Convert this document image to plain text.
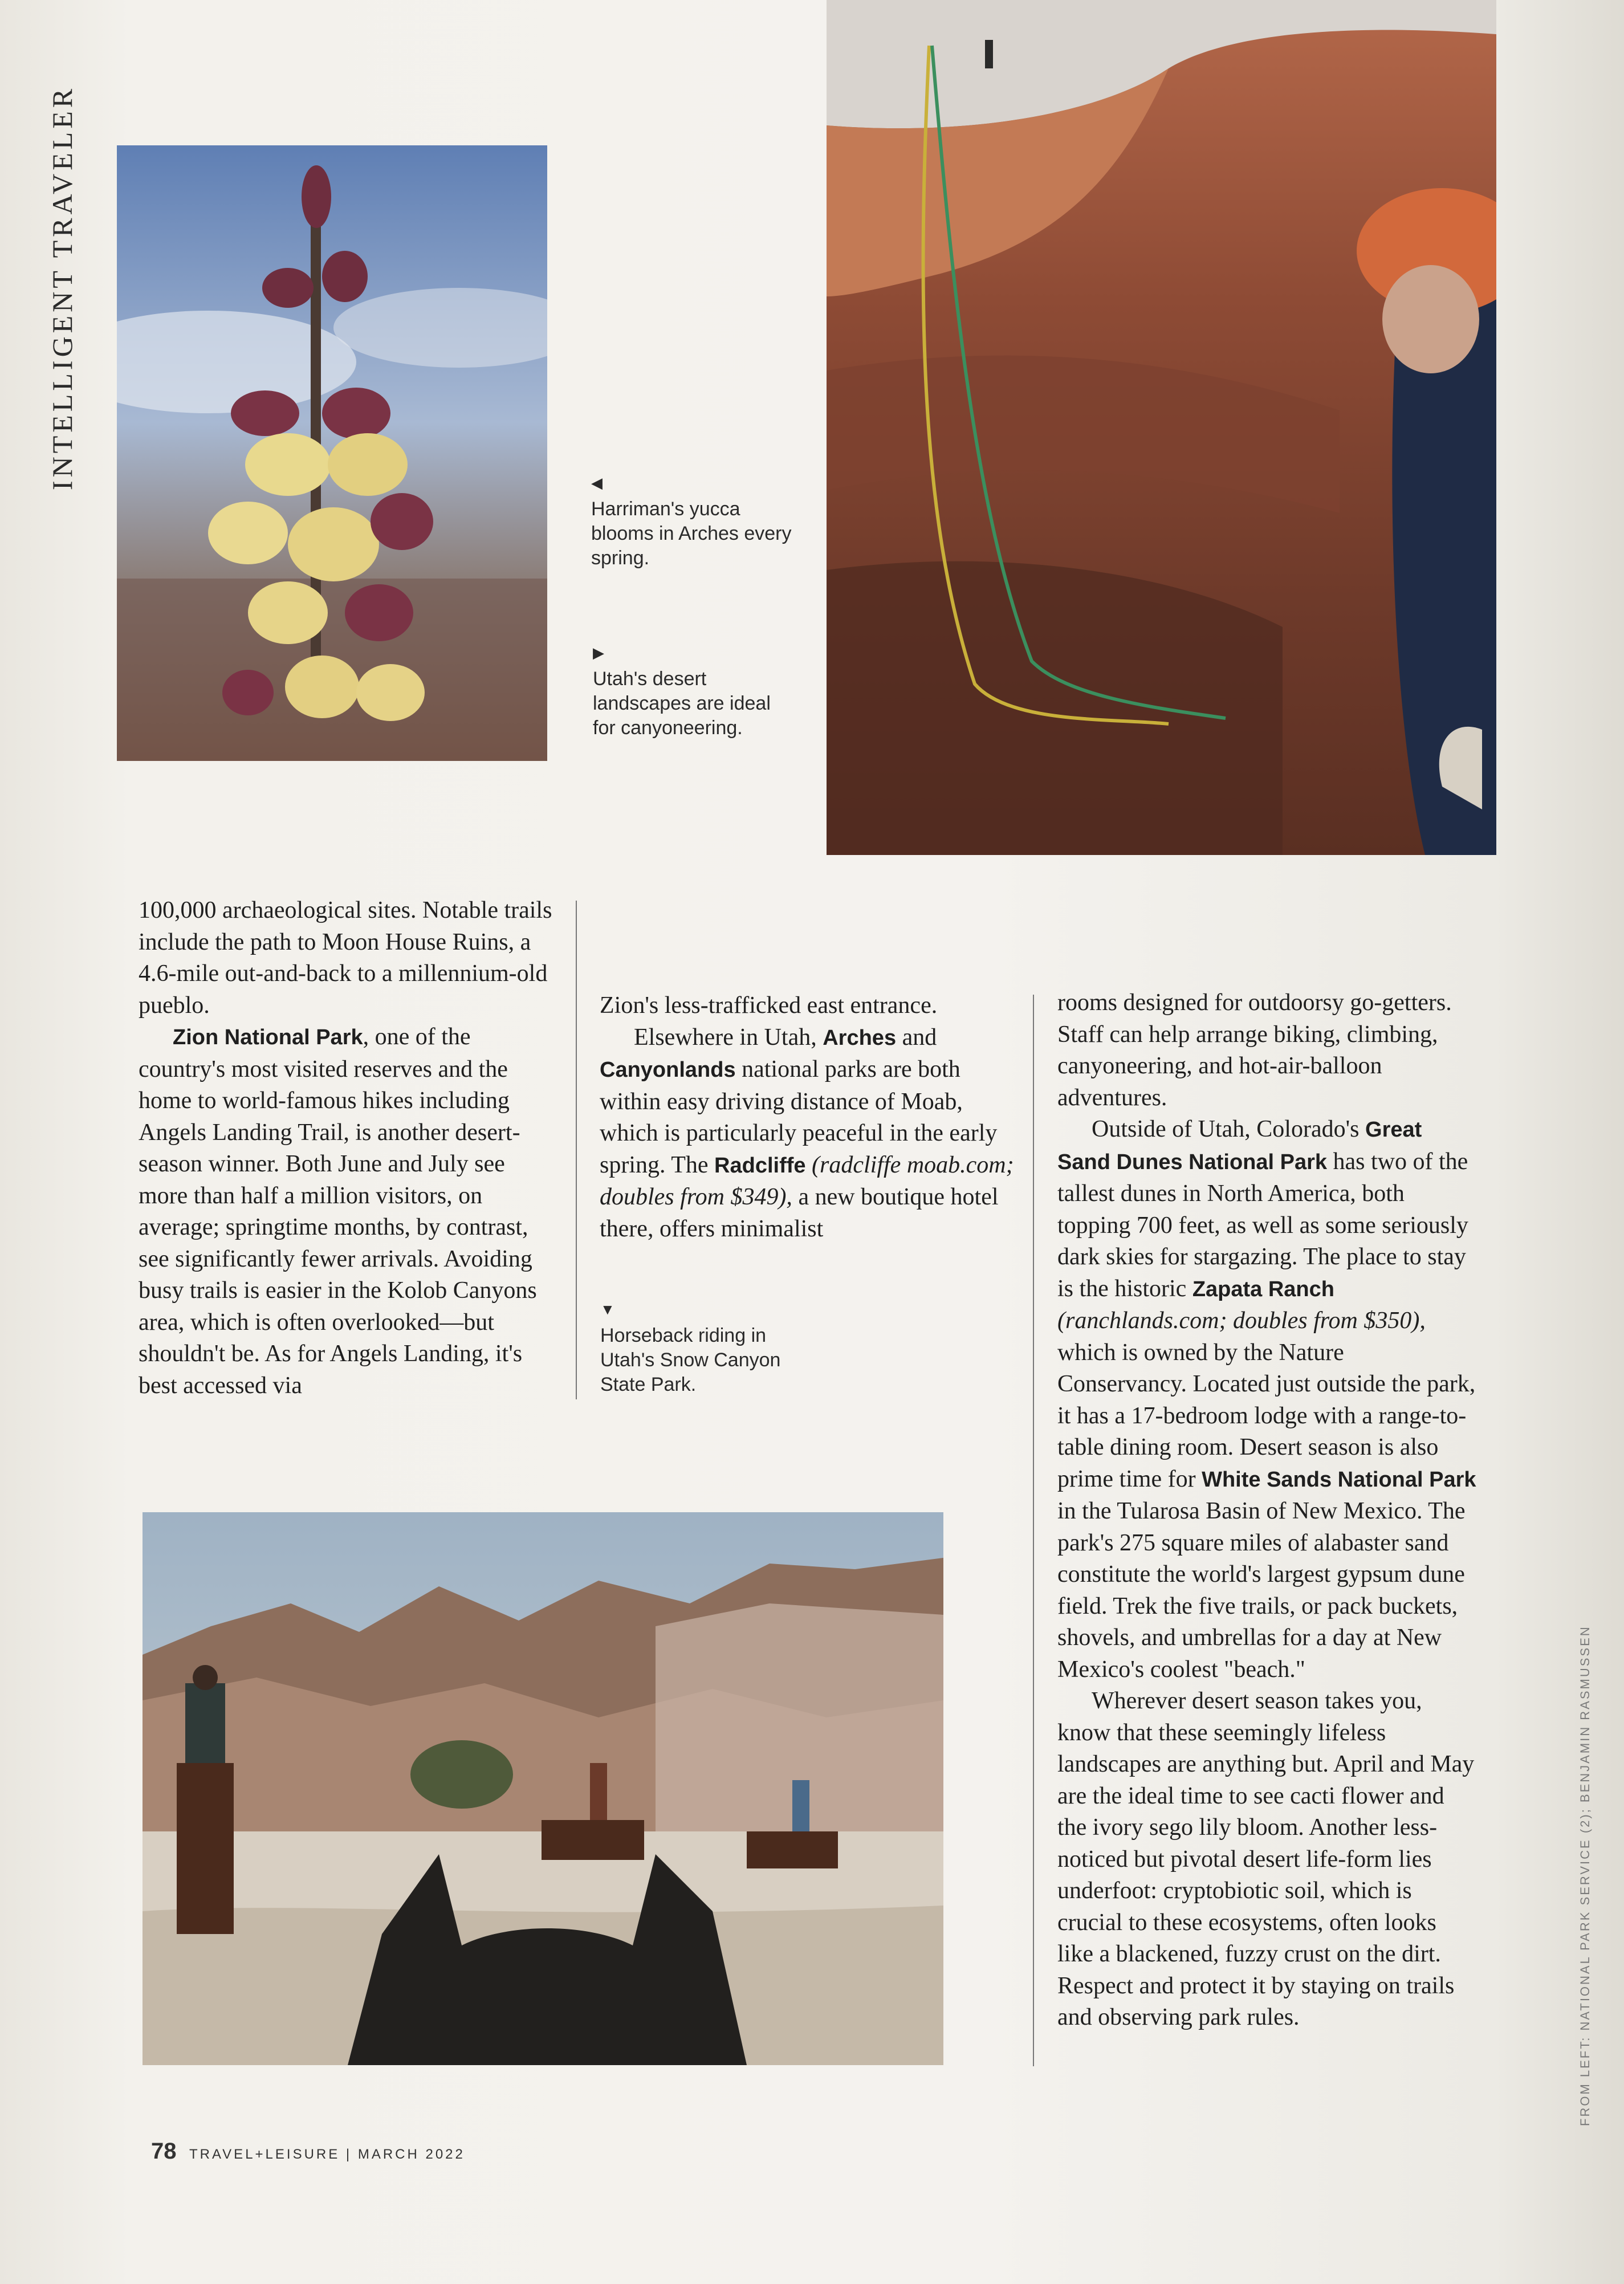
INTELLIGENT TRAVELER	◀
Harriman's yucca blooms in Arches every spring.
▶
Utah's desert landscapes are ideal for canyoneering.
▼
Horseback riding in Utah's Snow Canyon State Park.

100,000 archaeological sites. Notable trails include the path to Moon House Ruins, a 4.6-mile out-and-back to a millennium-old pueblo.

Zion National Park, one of the country's most visited reserves and the home to world-famous hikes including Angels Landing Trail, is another desert-season winner. Both June and July see more than half a million visitors, on average; springtime months, by contrast, see significantly fewer arrivals. Avoiding busy trails is easier in the Kolob Canyons area, which is often overlooked—but shouldn't be. As for Angels Landing, it's best accessed via

Zion's less-trafficked east entrance.

Elsewhere in Utah, Arches and Canyonlands national parks are both within easy driving distance of Moab, which is particularly peaceful in the early spring. The Radcliffe (radcliffe moab.com; doubles from $349), a new boutique hotel there, offers minimalist

rooms designed for outdoorsy go-getters. Staff can help arrange biking, climbing, canyoneering, and hot-air-balloon adventures.

Outside of Utah, Colorado's Great Sand Dunes National Park has two of the tallest dunes in North America, both topping 700 feet, as well as some seriously dark skies for stargazing. The place to stay is the historic Zapata Ranch (ranchlands.com; doubles from $350), which is owned by the Nature Conservancy. Located just outside the park, it has a 17-bedroom lodge with a range-to-table dining room. Desert season is also prime time for White Sands National Park in the Tularosa Basin of New Mexico. The park's 275 square miles of alabaster sand constitute the world's largest gypsum dune field. Trek the five trails, or pack buckets, shovels, and umbrellas for a day at New Mexico's coolest "beach."

Wherever desert season takes you, know that these seemingly lifeless landscapes are anything but. April and May are the ideal time to see cacti flower and the ivory sego lily bloom. Another less-noticed but pivotal desert life-form lies underfoot: cryptobiotic soil, which is crucial to these ecosystems, often looks like a blackened, fuzzy crust on the dirt. Respect and protect it by staying on trails and observing park rules.

78 TRAVEL+LEISURE | MARCH 2022
FROM LEFT: NATIONAL PARK SERVICE (2); BENJAMIN RASMUSSEN
